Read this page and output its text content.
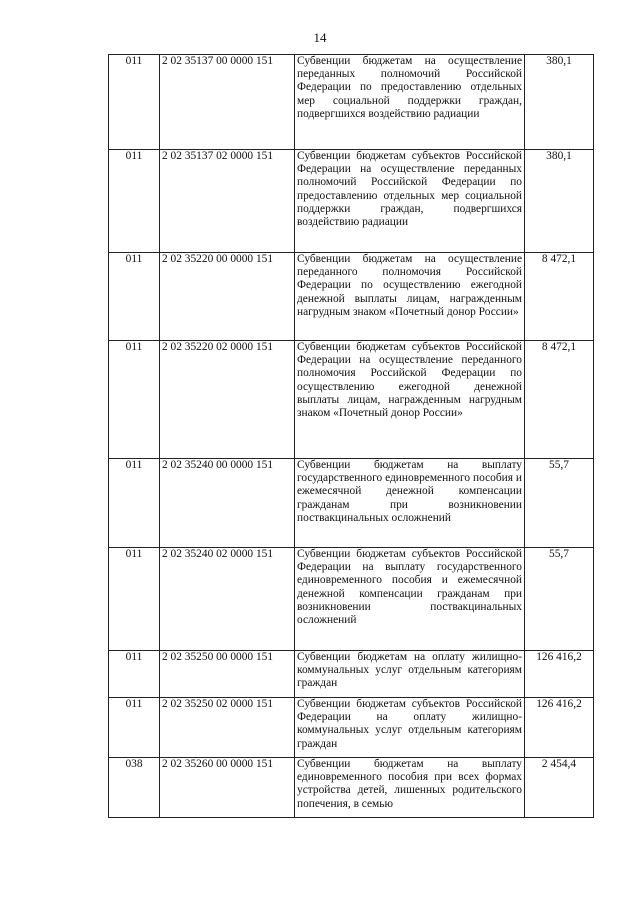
14
011	2 02 35137 00 0000 151	Субвенции бюджетам на осуществление переданных полномочий Российской Федерации по предоставлению отдельных мер социальной поддержки граждан, подвергшихся воздействию радиации	380,1
011	2 02 35137 02 0000 151	Субвенции бюджетам субъектов Российской Федерации на осуществление переданных полномочий Российской Федерации по предоставлению отдельных мер социальной поддержки граждан, подвергшихся воздействию радиации	380,1
011	2 02 35220 00 0000 151	Субвенции бюджетам на осуществление переданного полномочия Российской Федерации по осуществлению ежегодной денежной выплаты лицам, награжденным нагрудным знаком «Почетный донор России»	8 472,1
011	2 02 35220 02 0000 151	Субвенции бюджетам субъектов Российской Федерации на осуществление переданного полномочия Российской Федерации по осуществлению ежегодной денежной выплаты лицам, награжденным нагрудным знаком «Почетный донор России»	8 472,1
011	2 02 35240 00 0000 151	Субвенции бюджетам на выплату государственного единовременного пособия и ежемесячной денежной компенсации гражданам при возникновении поствакцинальных осложнений	55,7
011	2 02 35240 02 0000 151	Субвенции бюджетам субъектов Российской Федерации на выплату государственного единовременного пособия и ежемесячной денежной компенсации гражданам при возникновении поствакцинальных осложнений	55,7
011	2 02 35250 00 0000 151	Субвенции бюджетам на оплату жилищно-коммунальных услуг отдельным категориям граждан	126 416,2
011	2 02 35250 02 0000 151	Субвенции бюджетам субъектов Российской Федерации на оплату жилищно-коммунальных услуг отдельным категориям граждан	126 416,2
038	2 02 35260 00 0000 151	Субвенции бюджетам на выплату единовременного пособия при всех формах устройства детей, лишенных родительского попечения, в семью	2 454,4
